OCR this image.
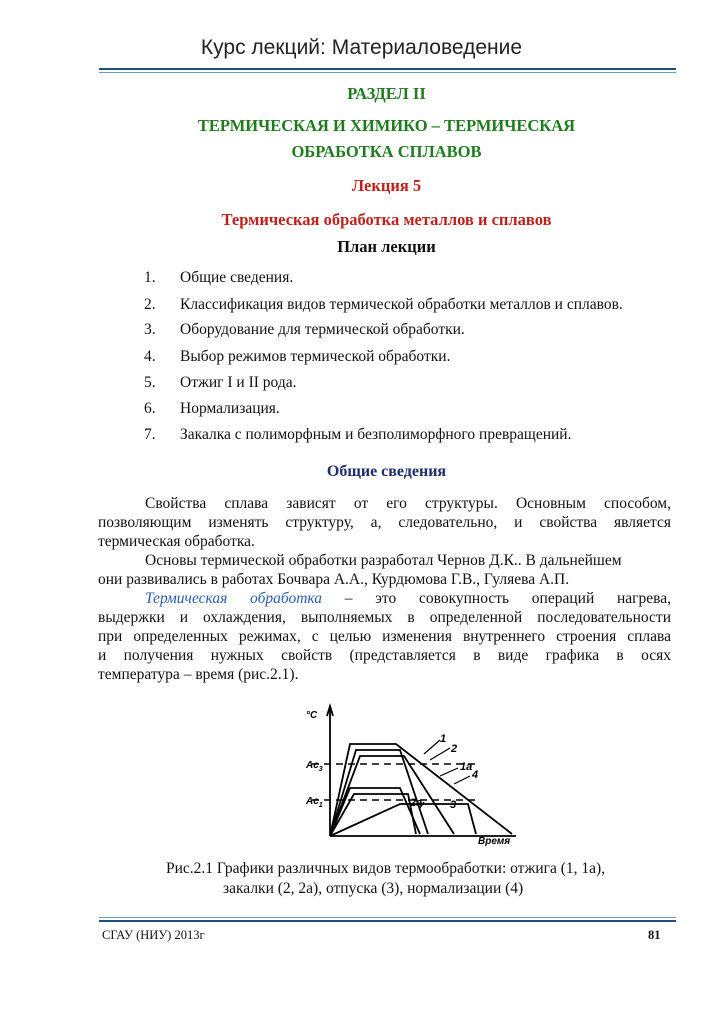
Курс лекций: Материаловедение
РАЗДЕЛ II
ТЕРМИЧЕСКАЯ И ХИМИКО – ТЕРМИЧЕСКАЯ
ОБРАБОТКА СПЛАВОВ
Лекция 5
Термическая обработка металлов и сплавов
План лекции
1. Общие сведения.
2. Классификация видов термической обработки металлов и сплавов.
3. Оборудование для термической обработки.
4. Выбор режимов термической обработки.
5. Отжиг I и II рода.
6. Нормализация.
7. Закалка с полиморфным и безполиморфного превращений.
Общие сведения
Свойства сплава зависят от его структуры. Основным способом,
позволяющим изменять структуру, а, следовательно, и свойства является
термическая обработка.
Основы термической обработки разработал Чернов Д.К.. В дальнейшем
они развивались в работах Бочвара А.А., Курдюмова Г.В., Гуляева А.П.
Термическая обработка – это совокупность операций нагрева,
выдержки и охлаждения, выполняемых в определенной последовательности
при определенных режимах, с целью изменения внутреннего строения сплава
и получения нужных свойств (представляется в виде графика в осях
температура – время (рис.2.1).
°C
$Ac_3$
$Ac_1$
1
2
1а
4
2а	3
Время
Рис.2.1 Графики различных видов термообработки: отжига (1, 1а),
закалки (2, 2а), отпуска (3), нормализации (4)
СГАУ (НИУ) 2013г	81
